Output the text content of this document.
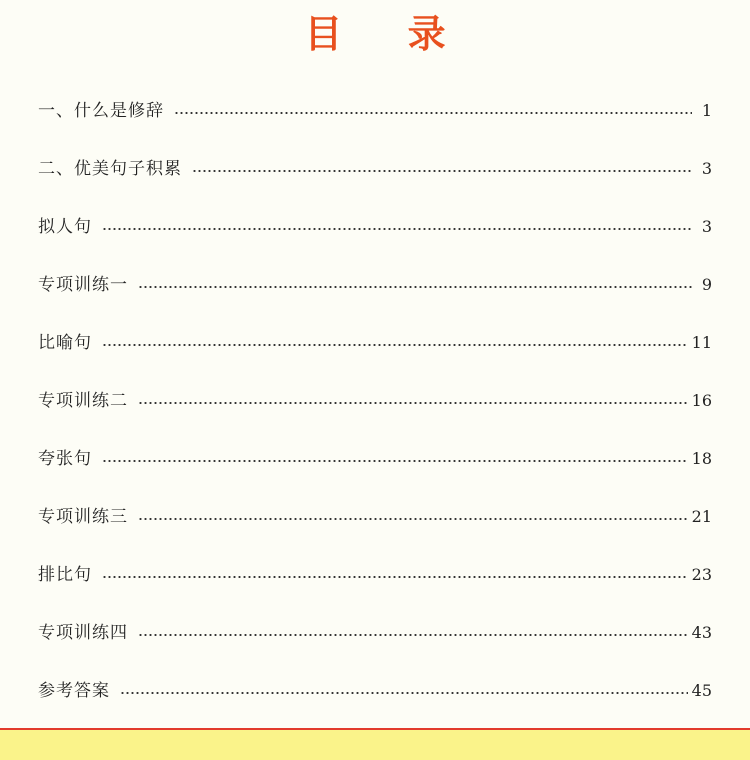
目 录
一、什么是修辞	1
二、优美句子积累	3
拟人句	3
专项训练一	9
比喻句	11
专项训练二	16
夸张句	18
专项训练三	21
排比句	23
专项训练四	43
参考答案	45
